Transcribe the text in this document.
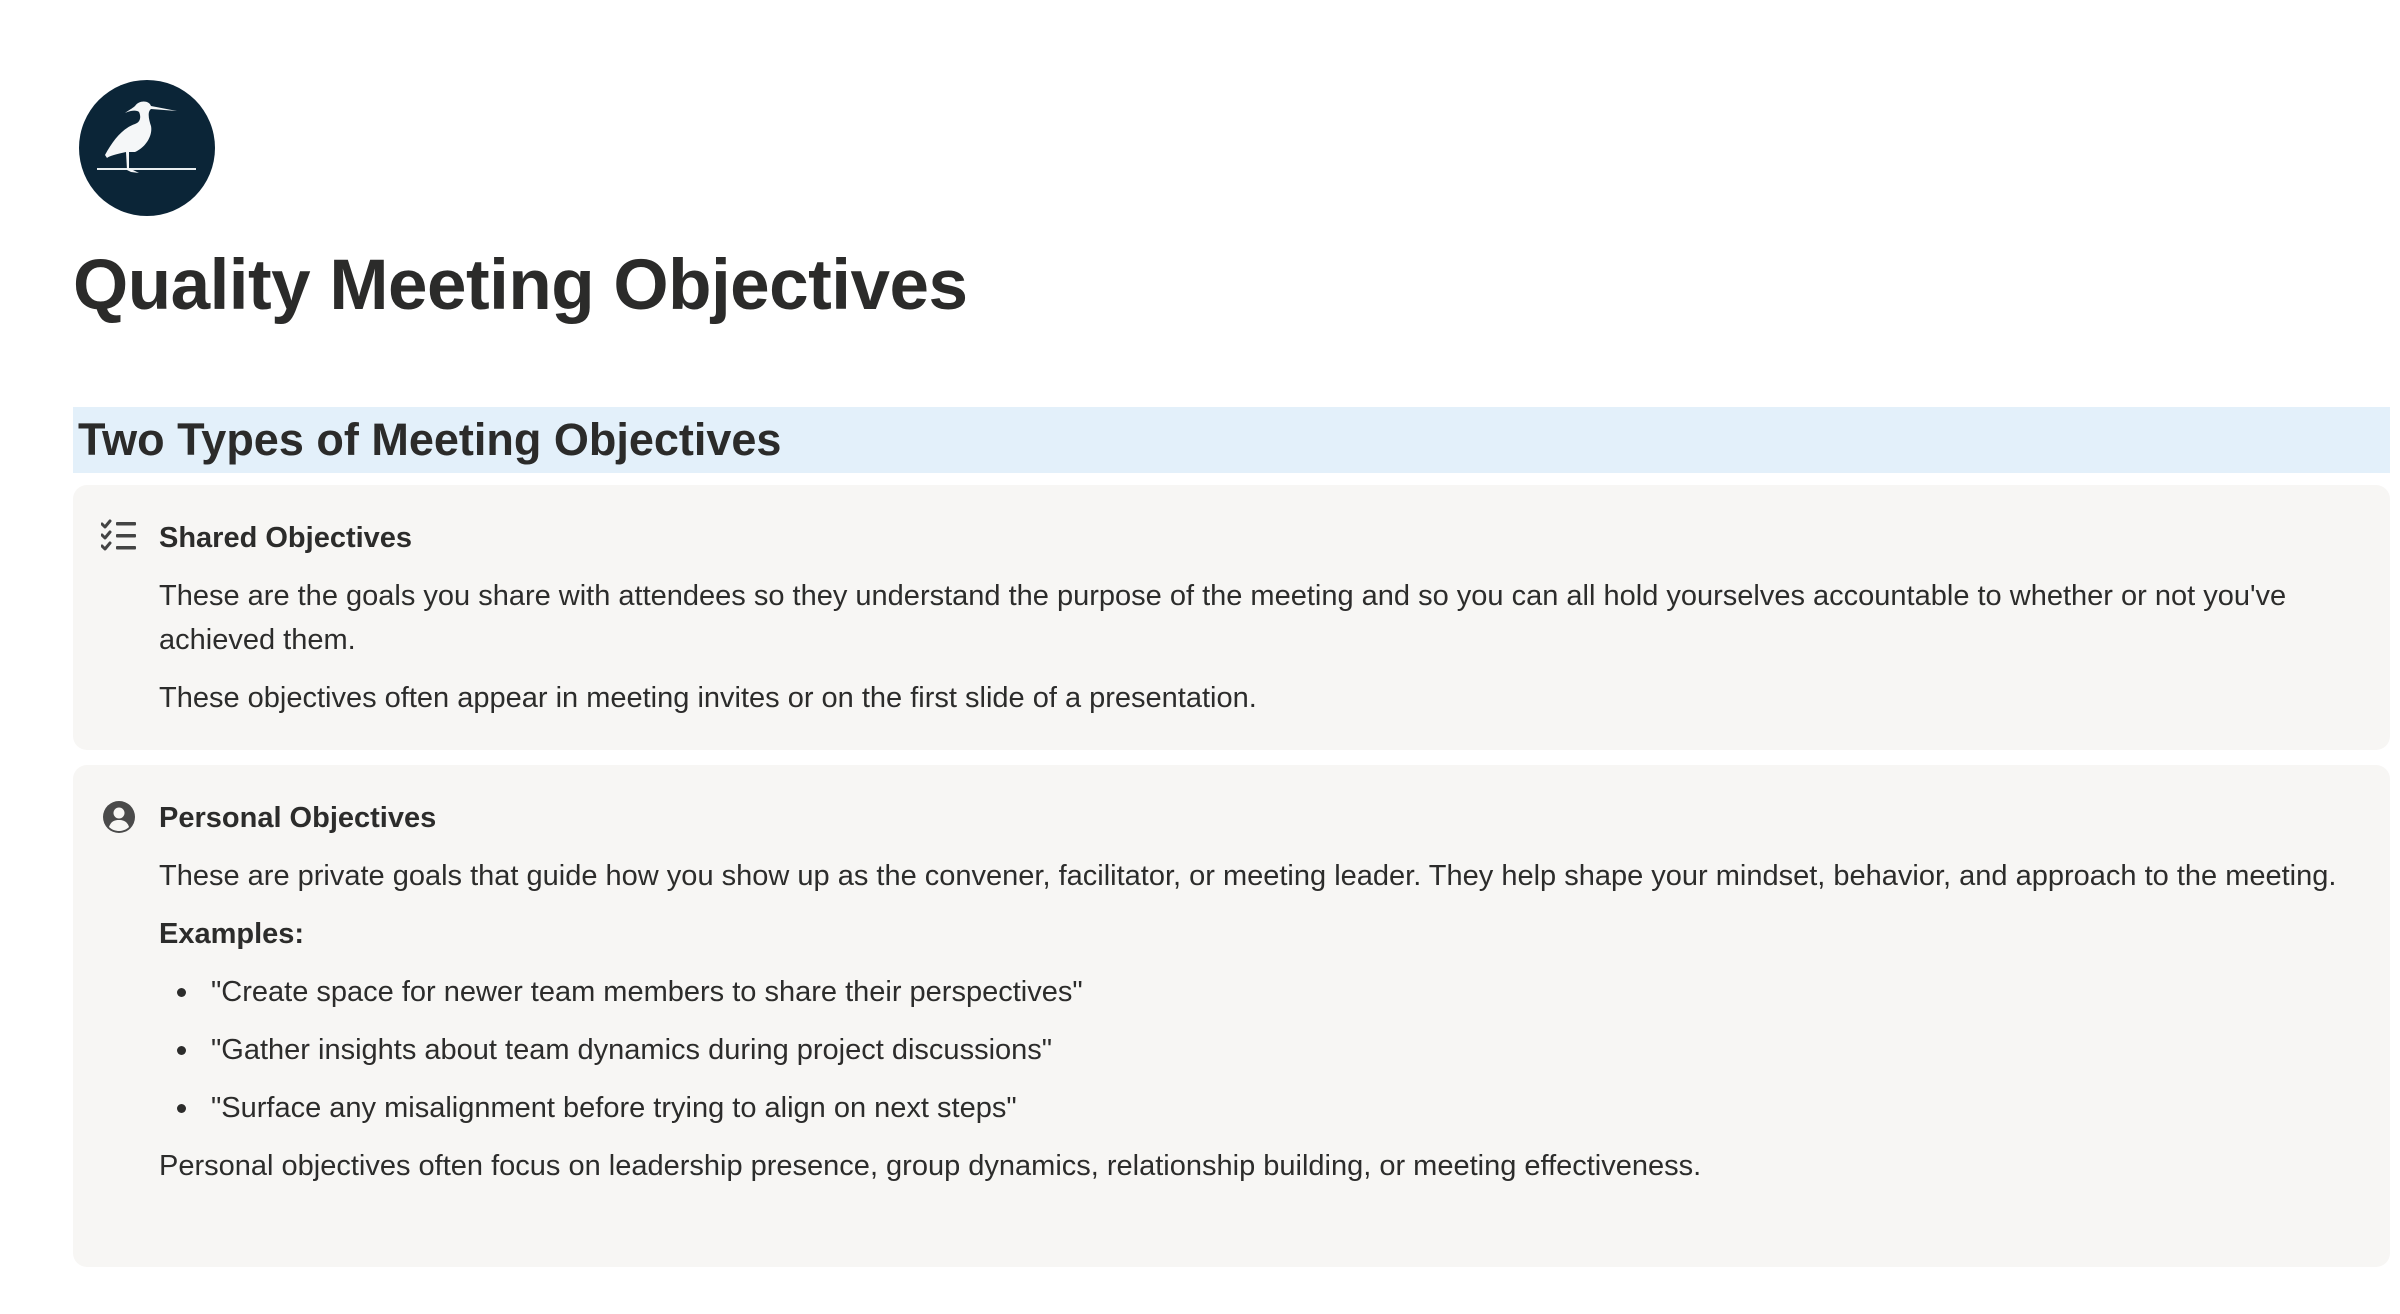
Quality Meeting Objectives
Two Types of Meeting Objectives
Shared Objectives

These are the goals you share with attendees so they understand the purpose of the meeting and so you can all hold yourselves accountable to whether or not you've achieved them.

These objectives often appear in meeting invites or on the first slide of a presentation.

Personal Objectives

These are private goals that guide how you show up as the convener, facilitator, or meeting leader. They help shape your mindset, behavior, and approach to the meeting.

Examples:

"Create space for newer team members to share their perspectives"
"Gather insights about team dynamics during project discussions"
"Surface any misalignment before trying to align on next steps"

Personal objectives often focus on leadership presence, group dynamics, relationship building, or meeting effectiveness.
